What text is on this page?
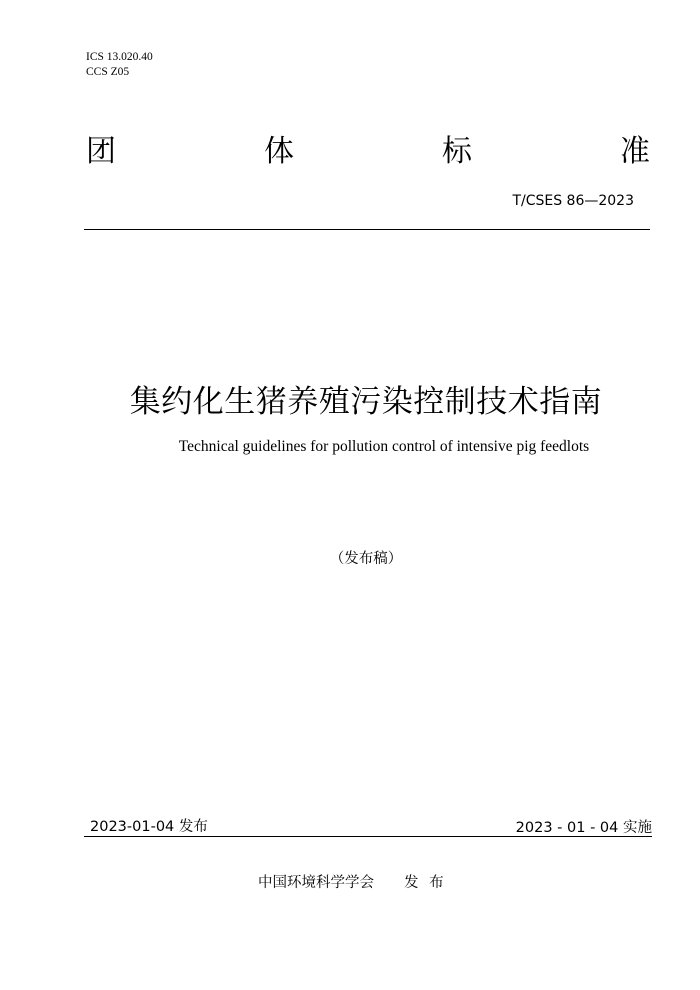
ICS 13.020.40
CCS Z05
团	体	标	准
T/CSES 86—2023
集约化生猪养殖污染控制技术指南
Technical guidelines for pollution control of intensive pig feedlots
（发布稿）
2023-01-04 发布	2023 - 01 - 04 实施
中国环境科学学会 发 布
